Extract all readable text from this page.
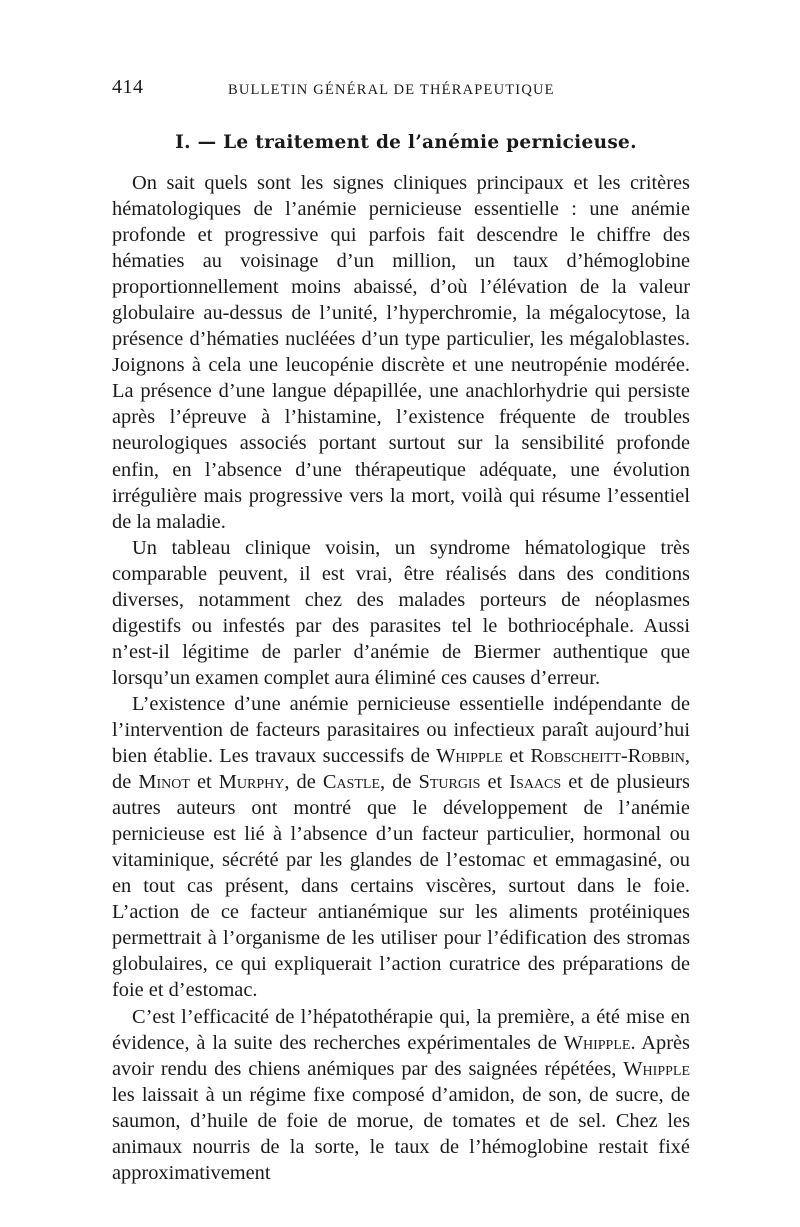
414	BULLETIN GÉNÉRAL DE THÉRAPEUTIQUE
I. — Le traitement de l’anémie pernicieuse.

On sait quels sont les signes cliniques principaux et les critères hématologiques de l’anémie pernicieuse essentielle : une anémie profonde et progressive qui parfois fait descendre le chiffre des hématies au voisinage d’un million, un taux d’hémoglobine proportionnellement moins abaissé, d’où l’élévation de la valeur globulaire au-dessus de l’unité, l’hyperchromie, la mégalocytose, la présence d’hématies nucléées d’un type particulier, les mégaloblastes. Joignons à cela une leucopénie discrète et une neutropénie modérée. La présence d’une langue dépapillée, une anachlorhydrie qui persiste après l’épreuve à l’histamine, l’existence fréquente de troubles neurologiques associés portant surtout sur la sensibilité profonde enfin, en l’absence d’une thérapeutique adéquate, une évolution irrégulière mais progressive vers la mort, voilà qui résume l’essentiel de la maladie.

Un tableau clinique voisin, un syndrome hématologique très comparable peuvent, il est vrai, être réalisés dans des conditions diverses, notamment chez des malades porteurs de néoplasmes digestifs ou infestés par des parasites tel le bothriocéphale. Aussi n’est-il légitime de parler d’anémie de Biermer authentique que lorsqu’un examen complet aura éliminé ces causes d’erreur.

L’existence d’une anémie pernicieuse essentielle indépendante de l’intervention de facteurs parasitaires ou infectieux paraît aujourd’hui bien établie. Les travaux successifs de Whipple et Robscheitt-Robbin, de Minot et Murphy, de Castle, de Sturgis et Isaacs et de plusieurs autres auteurs ont montré que le développement de l’anémie pernicieuse est lié à l’absence d’un facteur particulier, hormonal ou vitaminique, sécrété par les glandes de l’estomac et emmagasiné, ou en tout cas présent, dans certains viscères, surtout dans le foie. L’action de ce facteur antianémique sur les aliments protéiniques permettrait à l’organisme de les utiliser pour l’édification des stromas globulaires, ce qui expliquerait l’action curatrice des préparations de foie et d’estomac.

C’est l’efficacité de l’hépatothérapie qui, la première, a été mise en évidence, à la suite des recherches expérimentales de Whipple. Après avoir rendu des chiens anémiques par des saignées répétées, Whipple les laissait à un régime fixe composé d’amidon, de son, de sucre, de saumon, d’huile de foie de morue, de tomates et de sel. Chez les animaux nourris de la sorte, le taux de l’hémoglobine restait fixé approximativement
